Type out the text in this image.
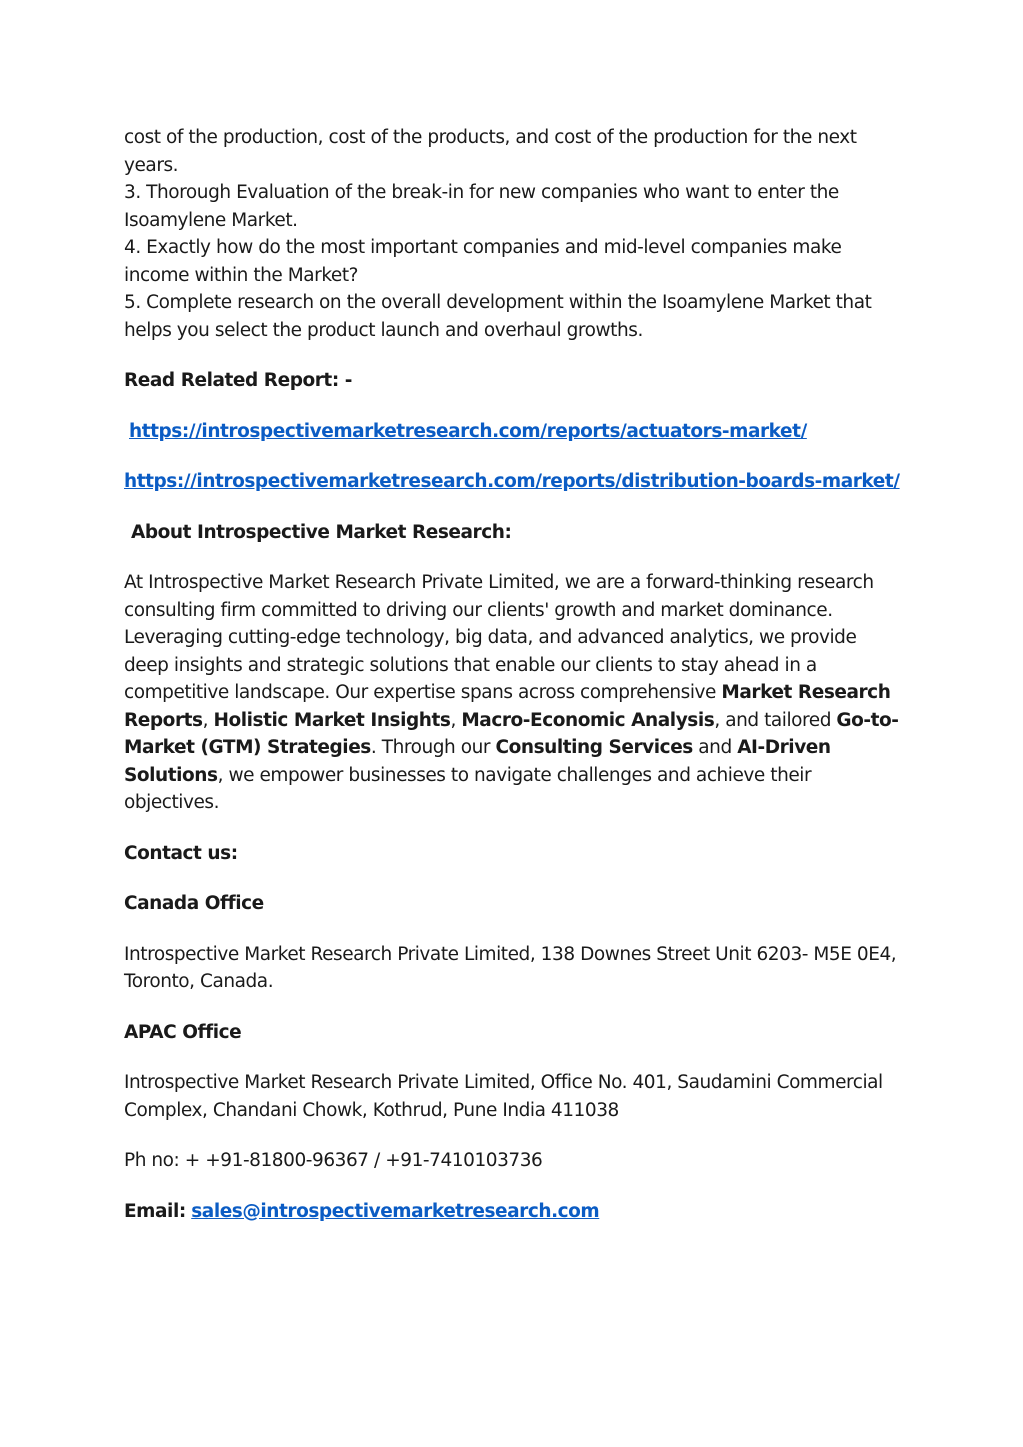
cost of the production, cost of the products, and cost of the production for the next years.

3. Thorough Evaluation of the break-in for new companies who want to enter the Isoamylene Market.

4. Exactly how do the most important companies and mid-level companies make income within the Market?

5. Complete research on the overall development within the Isoamylene Market that helps you select the product launch and overhaul growths.

Read Related Report: -

https://introspectivemarketresearch.com/reports/actuators-market/

https://introspectivemarketresearch.com/reports/distribution-boards-market/

About Introspective Market Research:

At Introspective Market Research Private Limited, we are a forward-thinking research consulting firm committed to driving our clients' growth and market dominance. Leveraging cutting-edge technology, big data, and advanced analytics, we provide deep insights and strategic solutions that enable our clients to stay ahead in a competitive landscape. Our expertise spans across comprehensive Market Research Reports, Holistic Market Insights, Macro-Economic Analysis, and tailored Go-to-Market (GTM) Strategies. Through our Consulting Services and AI-Driven Solutions, we empower businesses to navigate challenges and achieve their objectives.

Contact us:

Canada Office

Introspective Market Research Private Limited, 138 Downes Street Unit 6203- M5E 0E4, Toronto, Canada.

APAC Office

Introspective Market Research Private Limited, Office No. 401, Saudamini Commercial Complex, Chandani Chowk, Kothrud, Pune India 411038

Ph no: + +91-81800-96367 / +91-7410103736

Email: sales@introspectivemarketresearch.com
